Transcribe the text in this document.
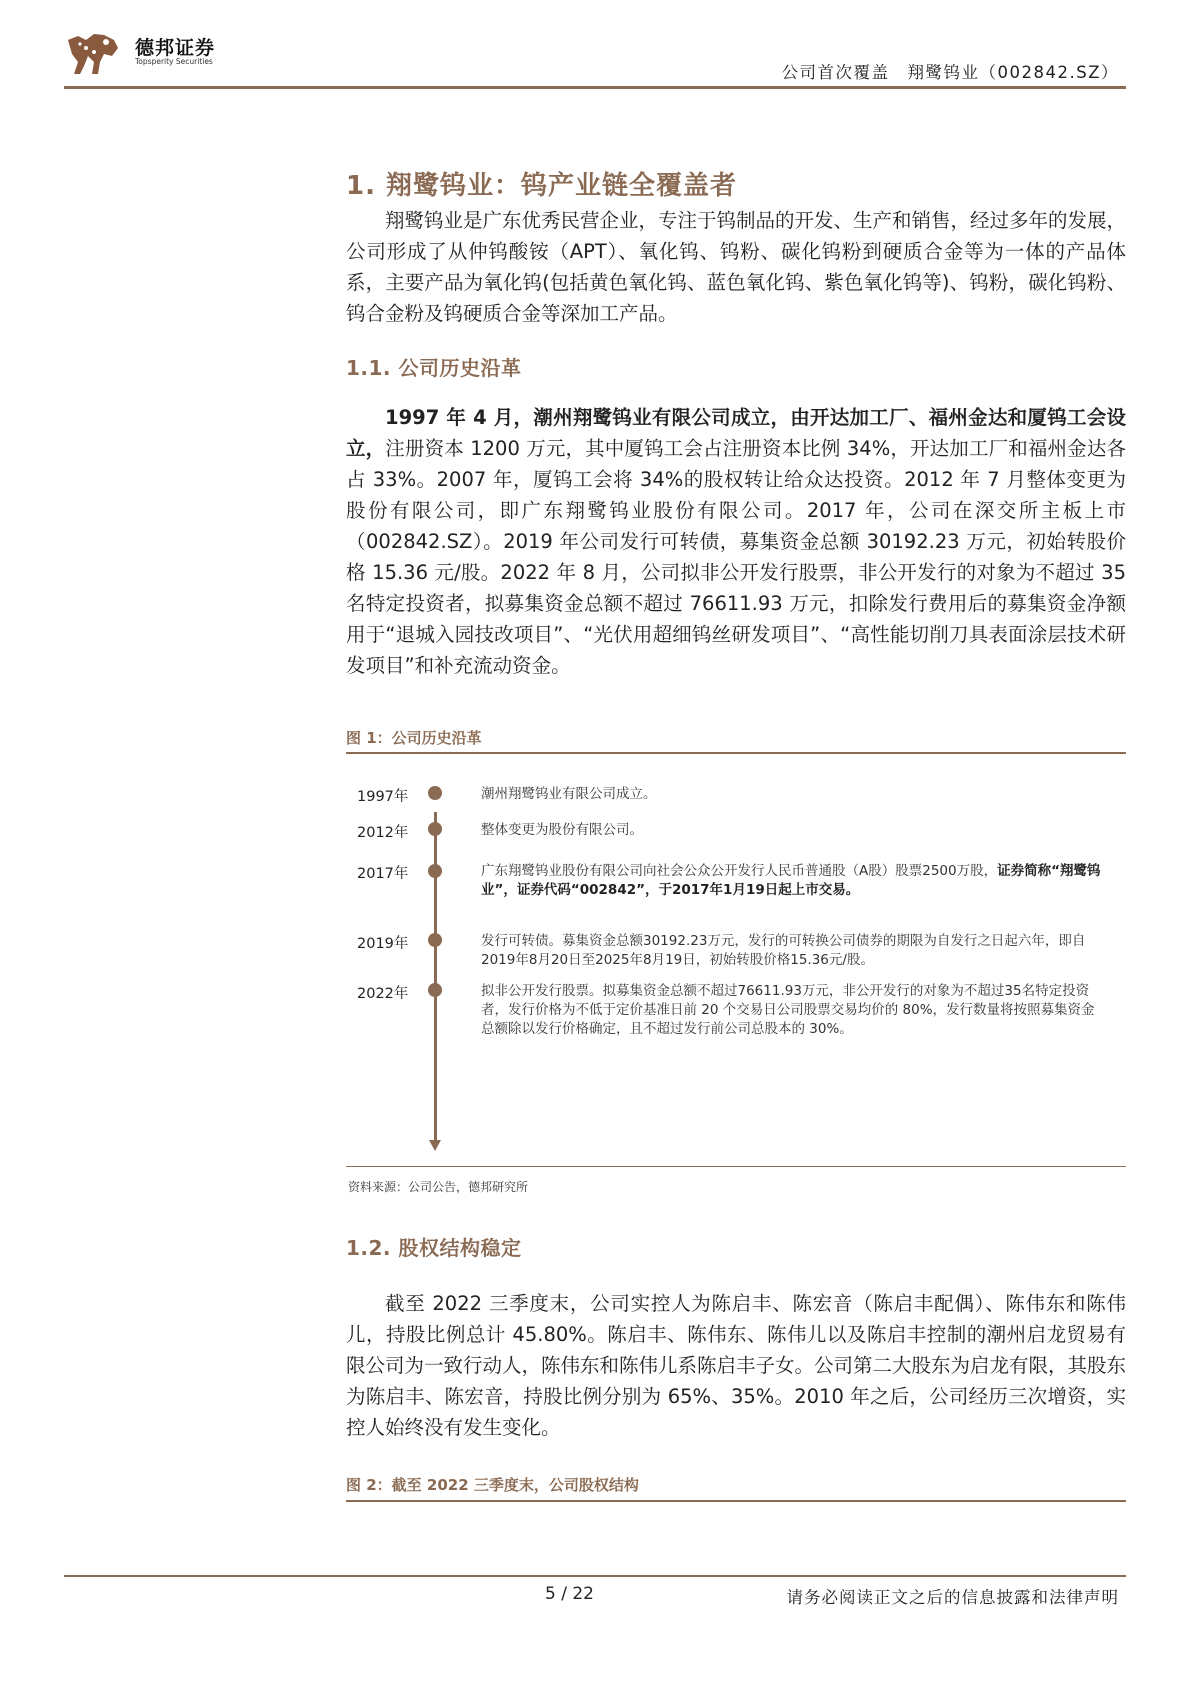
德邦证券
Topsperity Securities
公司首次覆盖　翔鹭钨业（002842.SZ）
1. 翔鹭钨业：钨产业链全覆盖者

翔鹭钨业是广东优秀民营企业，专注于钨制品的开发、生产和销售，经过多年的发展，公司形成了从仲钨酸铵（APT）、氧化钨、钨粉、碳化钨粉到硬质合金等为一体的产品体系，主要产品为氧化钨(包括黄色氧化钨、蓝色氧化钨、紫色氧化钨等)、钨粉，碳化钨粉、钨合金粉及钨硬质合金等深加工产品。

1.1. 公司历史沿革

1997 年 4 月，潮州翔鹭钨业有限公司成立，由开达加工厂、福州金达和厦钨工会设立，注册资本 1200 万元，其中厦钨工会占注册资本比例 34%，开达加工厂和福州金达各占 33%。2007 年，厦钨工会将 34%的股权转让给众达投资。2012 年 7 月整体变更为股份有限公司，即广东翔鹭钨业股份有限公司。2017 年，公司在深交所主板上市（002842.SZ）。2019 年公司发行可转债，募集资金总额 30192.23 万元，初始转股价格 15.36 元/股。2022 年 8 月，公司拟非公开发行股票，非公开发行的对象为不超过 35 名特定投资者，拟募集资金总额不超过 76611.93 万元，扣除发行费用后的募集资金净额用于“退城入园技改项目”、“光伏用超细钨丝研发项目”、“高性能切削刀具表面涂层技术研发项目”和补充流动资金。

图 1：公司历史沿革
1997年	潮州翔鹭钨业有限公司成立。
2012年	整体变更为股份有限公司。
2017年	广东翔鹭钨业股份有限公司向社会公众公开发行人民币普通股（A股）股票2500万股，证券简称“翔鹭钨业”，证券代码“002842”，于2017年1月19日起上市交易。
2019年	发行可转债。募集资金总额30192.23万元，发行的可转换公司债券的期限为自发行之日起六年，即自2019年8月20日至2025年8月19日，初始转股价格15.36元/股。
2022年	拟非公开发行股票。拟募集资金总额不超过76611.93万元，非公开发行的对象为不超过35名特定投资者，发行价格为不低于定价基准日前 20 个交易日公司股票交易均价的 80%，发行数量将按照募集资金总额除以发行价格确定，且不超过发行前公司总股本的 30%。
资料来源：公司公告，德邦研究所
1.2. 股权结构稳定

截至 2022 三季度末，公司实控人为陈启丰、陈宏音（陈启丰配偶）、陈伟东和陈伟儿，持股比例总计 45.80%。陈启丰、陈伟东、陈伟儿以及陈启丰控制的潮州启龙贸易有限公司为一致行动人，陈伟东和陈伟儿系陈启丰子女。公司第二大股东为启龙有限，其股东为陈启丰、陈宏音，持股比例分别为 65%、35%。2010 年之后，公司经历三次增资，实控人始终没有发生变化。

图 2：截至 2022 三季度末，公司股权结构
5 / 22	请务必阅读正文之后的信息披露和法律声明
